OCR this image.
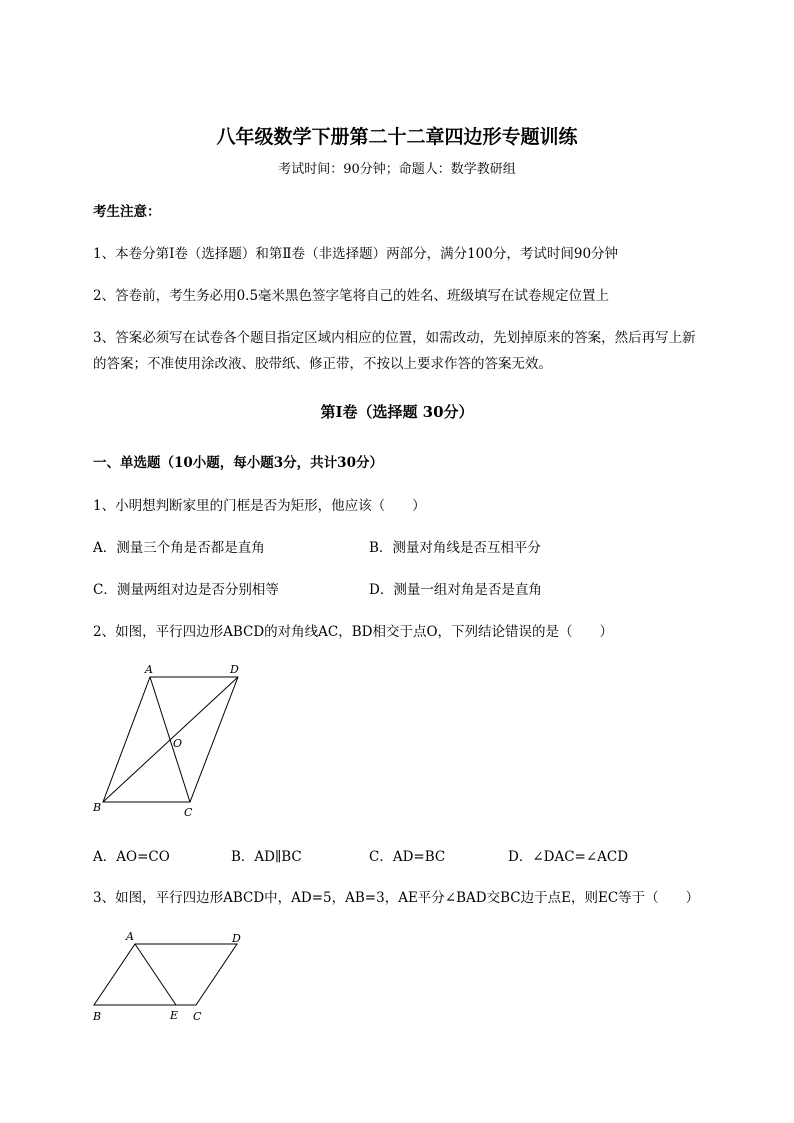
八年级数学下册第二十二章四边形专题训练
考试时间：90分钟；命题人：数学教研组
考生注意：
1、本卷分第I卷（选择题）和第Ⅱ卷（非选择题）两部分，满分100分，考试时间90分钟
2、答卷前，考生务必用0.5毫米黑色签字笔将自己的姓名、班级填写在试卷规定位置上
3、答案必须写在试卷各个题目指定区域内相应的位置，如需改动，先划掉原来的答案，然后再写上新
的答案；不准使用涂改液、胶带纸、修正带，不按以上要求作答的答案无效。
第I卷（选择题 30分）
一、单选题（10小题，每小题3分，共计30分）
1、小明想判断家里的门框是否为矩形，他应该（　　）
A．测量三个角是否都是直角	B．测量对角线是否互相平分
C．测量两组对边是否分别相等	D．测量一组对角是否是直角
2、如图，平行四边形ABCD的对角线AC，BD相交于点O，下列结论错误的是（　　）
A	D
O
B	C
A	D
B	E C
A．AO=CO	B．AD∥BC	C．AD=BC	D．∠DAC=∠ACD
3、如图，平行四边形ABCD中，AD=5，AB=3，AE平分∠BAD交BC边于点E，则EC等于（　　）
